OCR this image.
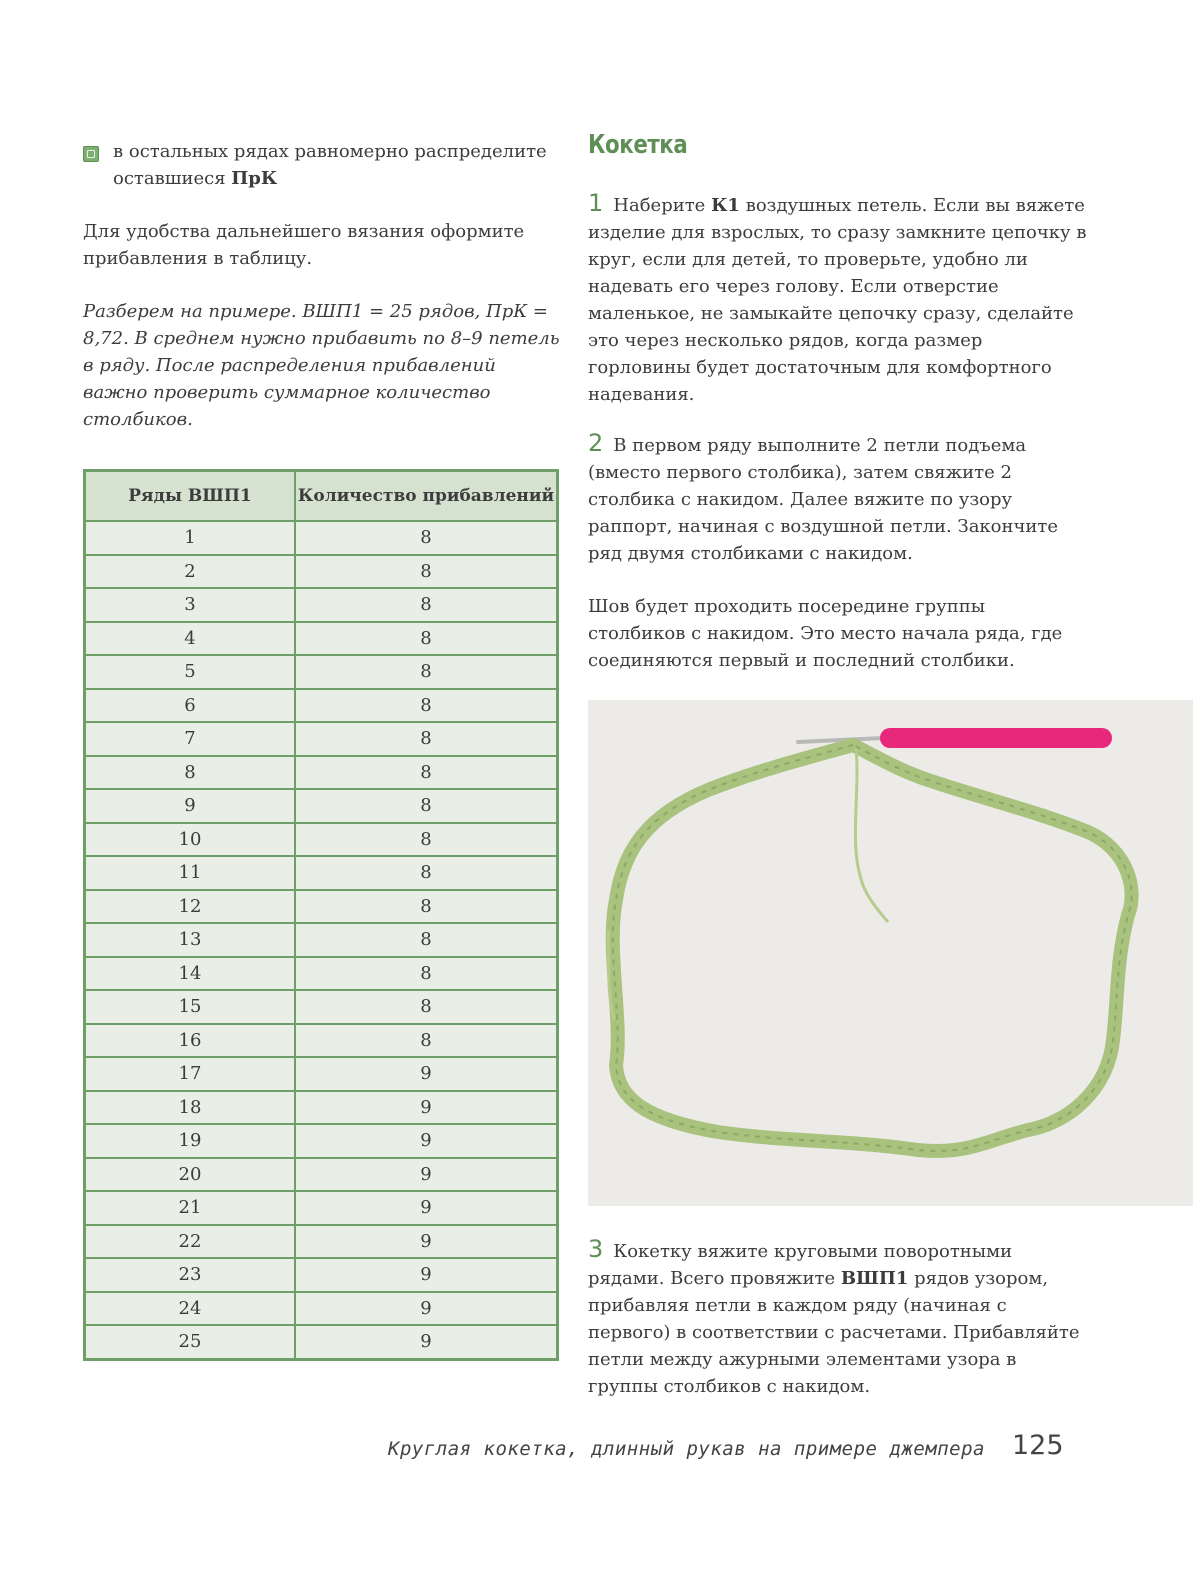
в остальных рядах равномерно распределите оставшиеся ПрК

Для удобства дальнейшего вязания оформите прибавления в таблицу.

Разберем на примере. ВШП1 = 25 рядов, ПрК = 8,72. В среднем нужно прибавить по 8–9 петель в ряду. После распределения прибавлений важно проверить суммарное количество столбиков.

Ряды ВШП1	Количество прибавлений
1	8
2	8
3	8
4	8
5	8
6	8
7	8
8	8
9	8
10	8
11	8
12	8
13	8
14	8
15	8
16	8
17	9
18	9
19	9
20	9
21	9
22	9
23	9
24	9
25	9
Кокетка

1 Наберите К1 воздушных петель. Если вы вяжете изделие для взрослых, то сразу замкните цепочку в круг, если для детей, то проверьте, удобно ли надевать его через голову. Если отверстие маленькое, не замыкайте цепочку сразу, сделайте это через несколько рядов, когда размер горловины будет достаточным для комфортного надевания.

2 В первом ряду выполните 2 петли подъема (вместо первого столбика), затем свяжите 2 столбика с накидом. Далее вяжите по узору раппорт, начиная с воздушной петли. Закончите ряд двумя столбиками с накидом.

Шов будет проходить посередине группы столбиков с накидом. Это место начала ряда, где соединяются первый и последний столбики.

3 Кокетку вяжите круговыми поворотными рядами. Всего провяжите ВШП1 рядов узором, прибавляя петли в каждом ряду (начиная с первого) в соответствии с расчетами. Прибавляйте петли между ажурными элементами узора в группы столбиков с накидом.

Круглая кокетка, длинный рукав на примере джемпера 125
